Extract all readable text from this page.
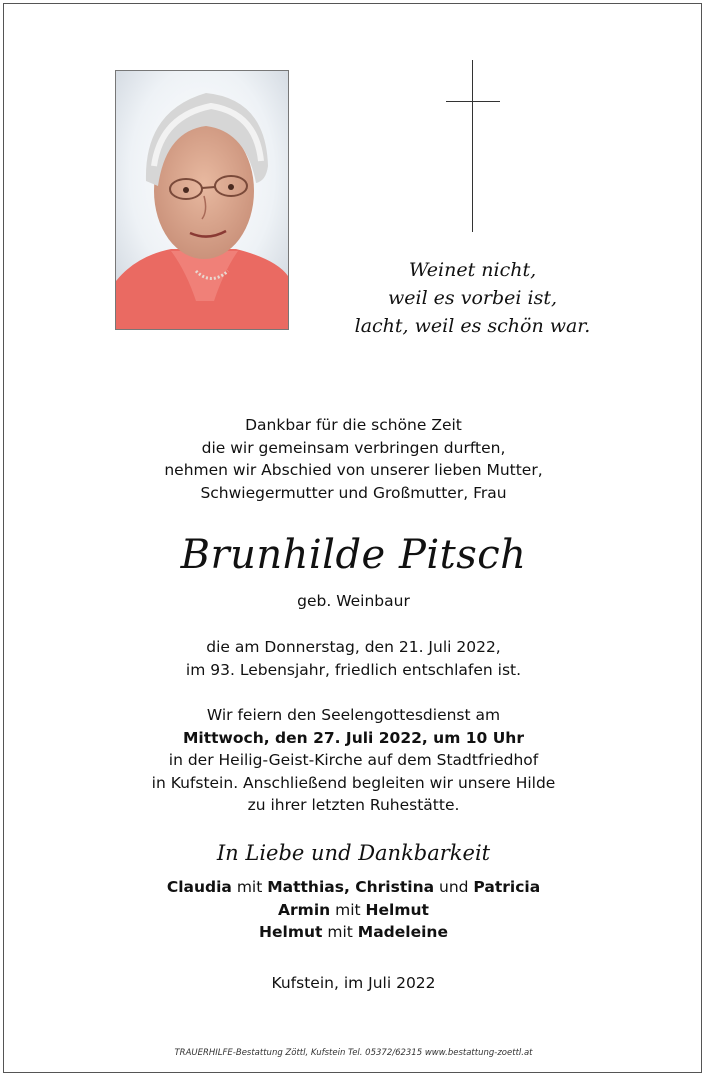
Weinet nicht,
weil es vorbei ist,
lacht, weil es schön war.
Dankbar für die schöne Zeit
die wir gemeinsam verbringen durften,
nehmen wir Abschied von unserer lieben Mutter,
Schwiegermutter und Großmutter, Frau
Brunhilde Pitsch
geb. Weinbaur
die am Donnerstag, den 21. Juli 2022,
im 93. Lebensjahr, friedlich entschlafen ist.
Wir feiern den Seelengottesdienst am
Mittwoch, den 27. Juli 2022, um 10 Uhr
in der Heilig-Geist-Kirche auf dem Stadtfriedhof
in Kufstein. Anschließend begleiten wir unsere Hilde
zu ihrer letzten Ruhestätte.
In Liebe und Dankbarkeit
Claudia mit Matthias, Christina und Patricia
Armin mit Helmut
Helmut mit Madeleine
Kufstein, im Juli 2022
TRAUERHILFE-Bestattung Zöttl, Kufstein Tel. 05372/62315 www.bestattung-zoettl.at
